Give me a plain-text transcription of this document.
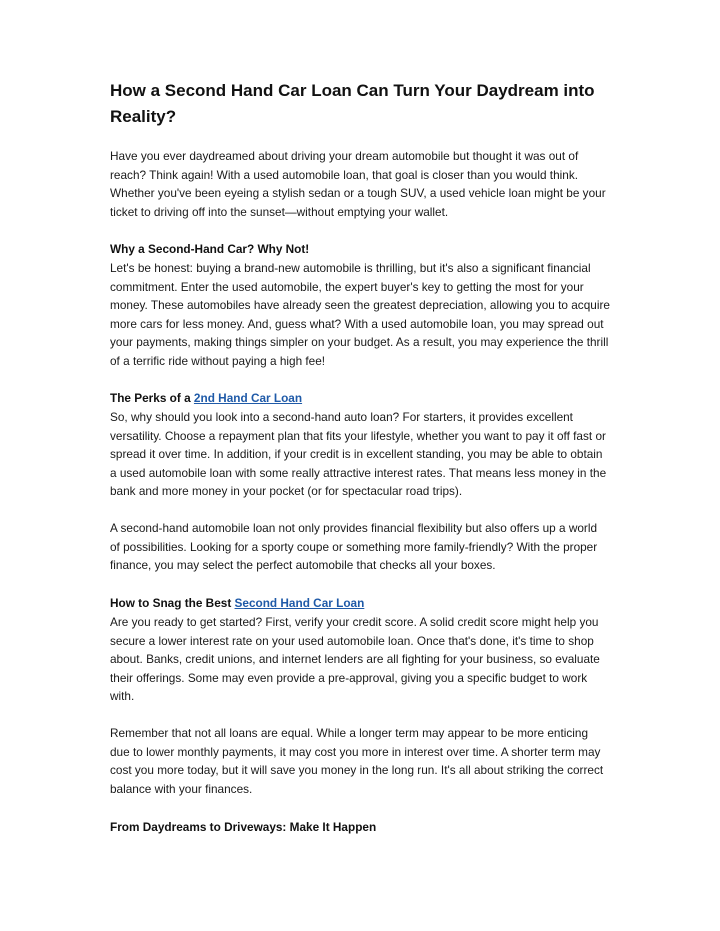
How a Second Hand Car Loan Can Turn Your Daydream into Reality?

Have you ever daydreamed about driving your dream automobile but thought it was out of reach? Think again! With a used automobile loan, that goal is closer than you would think. Whether you've been eyeing a stylish sedan or a tough SUV, a used vehicle loan might be your ticket to driving off into the sunset—without emptying your wallet.

Why a Second-Hand Car? Why Not!

Let's be honest: buying a brand-new automobile is thrilling, but it's also a significant financial commitment. Enter the used automobile, the expert buyer's key to getting the most for your money. These automobiles have already seen the greatest depreciation, allowing you to acquire more cars for less money. And, guess what? With a used automobile loan, you may spread out your payments, making things simpler on your budget. As a result, you may experience the thrill of a terrific ride without paying a high fee!

The Perks of a 2nd Hand Car Loan

So, why should you look into a second-hand auto loan? For starters, it provides excellent versatility. Choose a repayment plan that fits your lifestyle, whether you want to pay it off fast or spread it over time. In addition, if your credit is in excellent standing, you may be able to obtain a used automobile loan with some really attractive interest rates. That means less money in the bank and more money in your pocket (or for spectacular road trips).

A second-hand automobile loan not only provides financial flexibility but also offers up a world of possibilities. Looking for a sporty coupe or something more family-friendly? With the proper finance, you may select the perfect automobile that checks all your boxes.

How to Snag the Best Second Hand Car Loan

Are you ready to get started? First, verify your credit score. A solid credit score might help you secure a lower interest rate on your used automobile loan. Once that's done, it's time to shop about. Banks, credit unions, and internet lenders are all fighting for your business, so evaluate their offerings. Some may even provide a pre-approval, giving you a specific budget to work with.

Remember that not all loans are equal. While a longer term may appear to be more enticing due to lower monthly payments, it may cost you more in interest over time. A shorter term may cost you more today, but it will save you money in the long run. It's all about striking the correct balance with your finances.

From Daydreams to Driveways: Make It Happen
